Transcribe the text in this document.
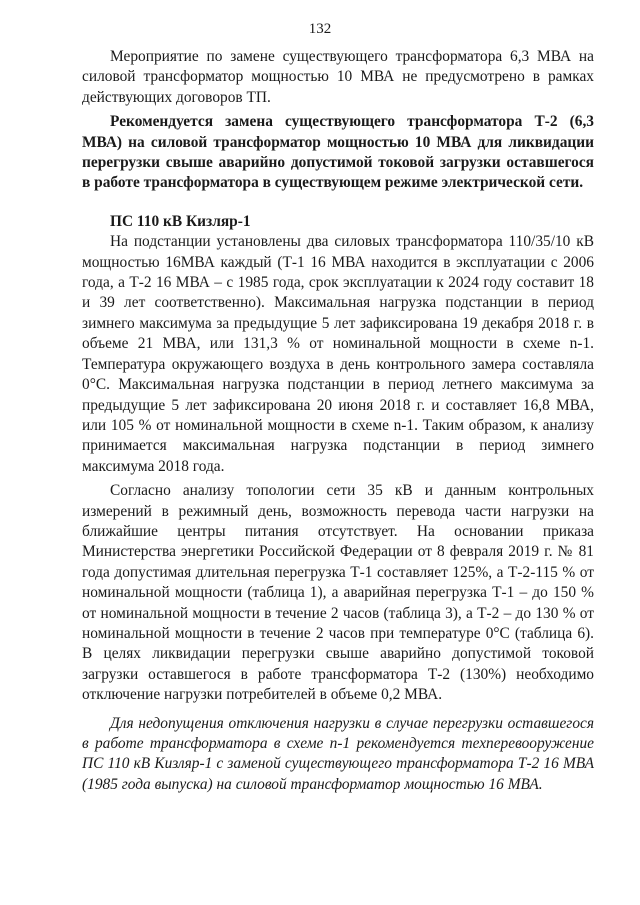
132

Мероприятие по замене существующего трансформатора 6,3 МВА на силовой трансформатор мощностью 10 МВА не предусмотрено в рамках действующих договоров ТП.

Рекомендуется замена существующего трансформатора Т-2 (6,3 МВА) на силовой трансформатор мощностью 10 МВА для ликвидации перегрузки свыше аварийно допустимой токовой загрузки оставшегося в работе трансформатора в существующем режиме электрической сети.

ПС 110 кВ Кизляр-1

На подстанции установлены два силовых трансформатора 110/35/10 кВ мощностью 16МВА каждый (Т-1 16 МВА находится в эксплуатации с 2006 года, а Т-2 16 МВА – с 1985 года, срок эксплуатации к 2024 году составит 18 и 39 лет соответственно). Максимальная нагрузка подстанции в период зимнего максимума за предыдущие 5 лет зафиксирована 19 декабря 2018 г. в объеме 21 МВА, или 131,3 % от номинальной мощности в схеме n-1. Температура окружающего воздуха в день контрольного замера составляла 0°С. Максимальная нагрузка подстанции в период летнего максимума за предыдущие 5 лет зафиксирована 20 июня 2018 г. и составляет 16,8 МВА, или 105 % от номинальной мощности в схеме n-1. Таким образом, к анализу принимается максимальная нагрузка подстанции в период зимнего максимума 2018 года.

Согласно анализу топологии сети 35 кВ и данным контрольных измерений в режимный день, возможность перевода части нагрузки на ближайшие центры питания отсутствует. На основании приказа Министерства энергетики Российской Федерации от 8 февраля 2019 г. № 81 года допустимая длительная перегрузка Т-1 составляет 125%, а Т-2-115 % от номинальной мощности (таблица 1), а аварийная перегрузка Т-1 – до 150 % от номинальной мощности в течение 2 часов (таблица 3), а Т-2 – до 130 % от номинальной мощности в течение 2 часов при температуре 0°С (таблица 6). В целях ликвидации перегрузки свыше аварийно допустимой токовой загрузки оставшегося в работе трансформатора Т-2 (130%) необходимо отключение нагрузки потребителей в объеме 0,2 МВА.

Для недопущения отключения нагрузки в случае перегрузки оставшегося в работе трансформатора в схеме n-1 рекомендуется техперевооружение ПС 110 кВ Кизляр-1 с заменой существующего трансформатора Т-2 16 МВА (1985 года выпуска) на силовой трансформатор мощностью 16 МВА.
